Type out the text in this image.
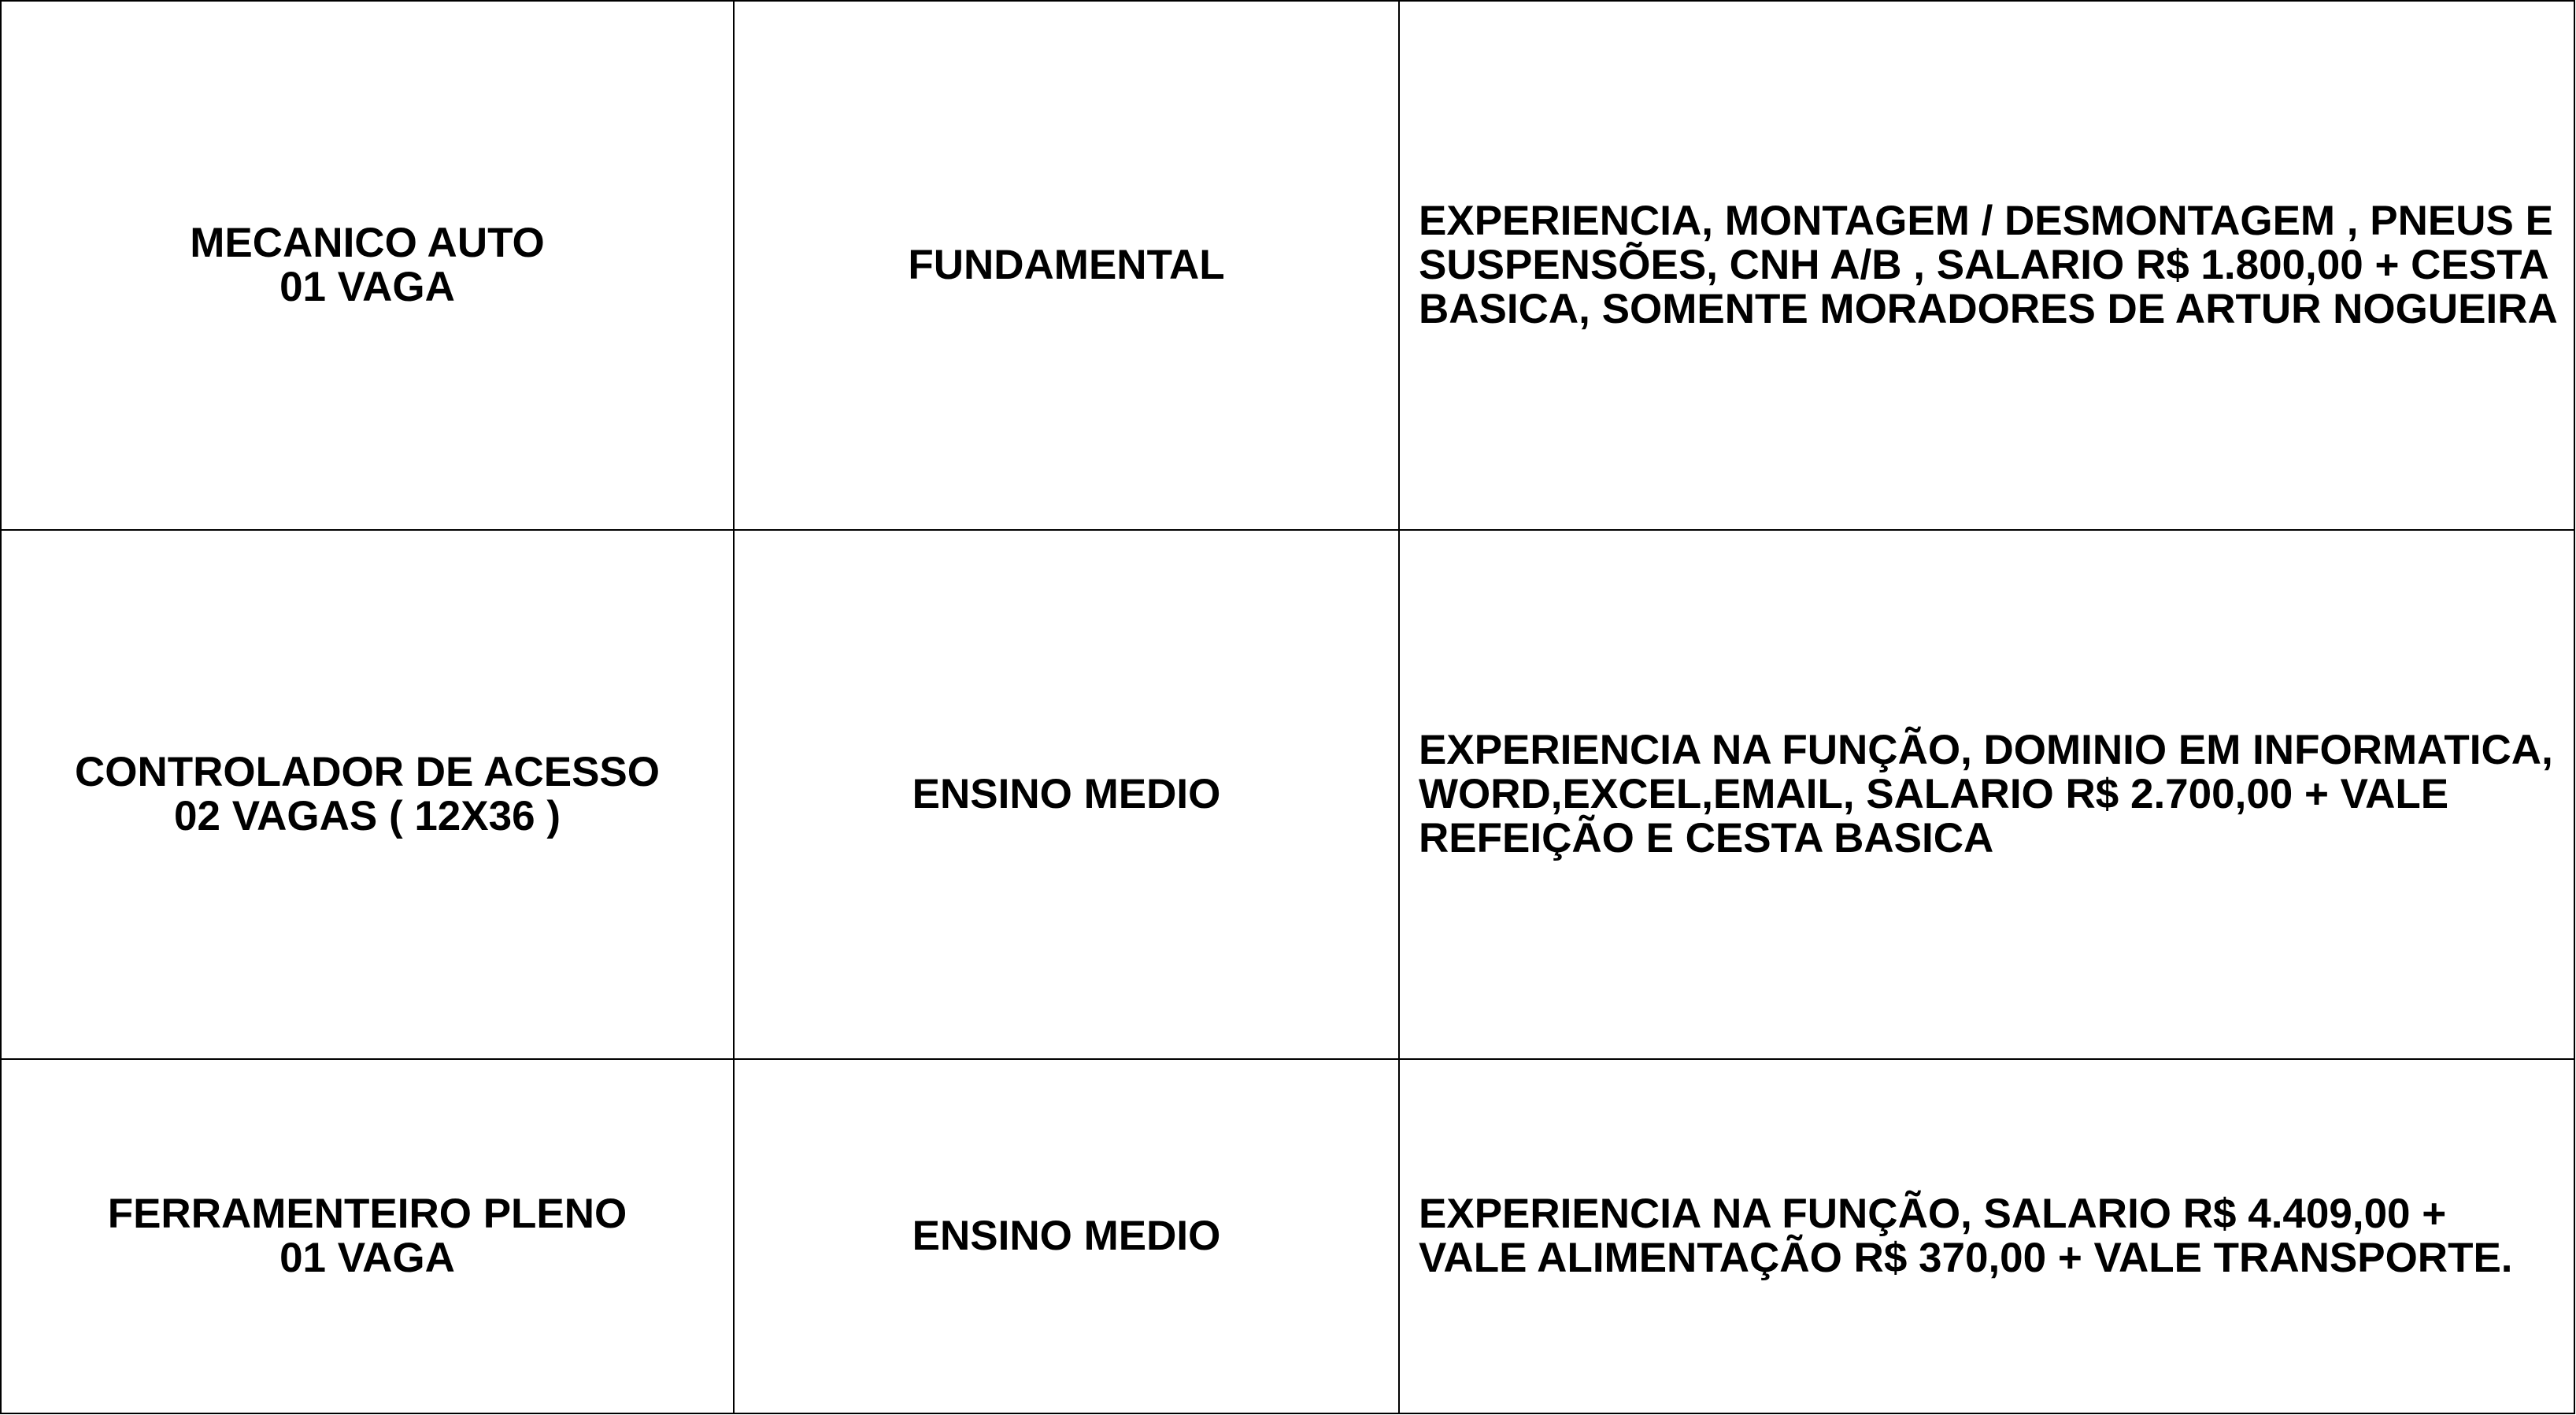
MECANICO AUTO
01 VAGA	FUNDAMENTAL	EXPERIENCIA, MONTAGEM / DESMONTAGEM , PNEUS E SUSPENSÕES, CNH A/B , SALARIO R$ 1.800,00 + CESTA BASICA, SOMENTE MORADORES DE ARTUR NOGUEIRA

CONTROLADOR DE ACESSO
02 VAGAS ( 12X36 )	ENSINO MEDIO	EXPERIENCIA NA FUNÇÃO, DOMINIO EM INFORMATICA, WORD,EXCEL,EMAIL, SALARIO R$ 2.700,00 + VALE REFEIÇÃO E CESTA BASICA

FERRAMENTEIRO PLENO
01 VAGA	ENSINO MEDIO	EXPERIENCIA NA FUNÇÃO, SALARIO R$ 4.409,00 + VALE ALIMENTAÇÃO R$ 370,00 + VALE TRANSPORTE.
